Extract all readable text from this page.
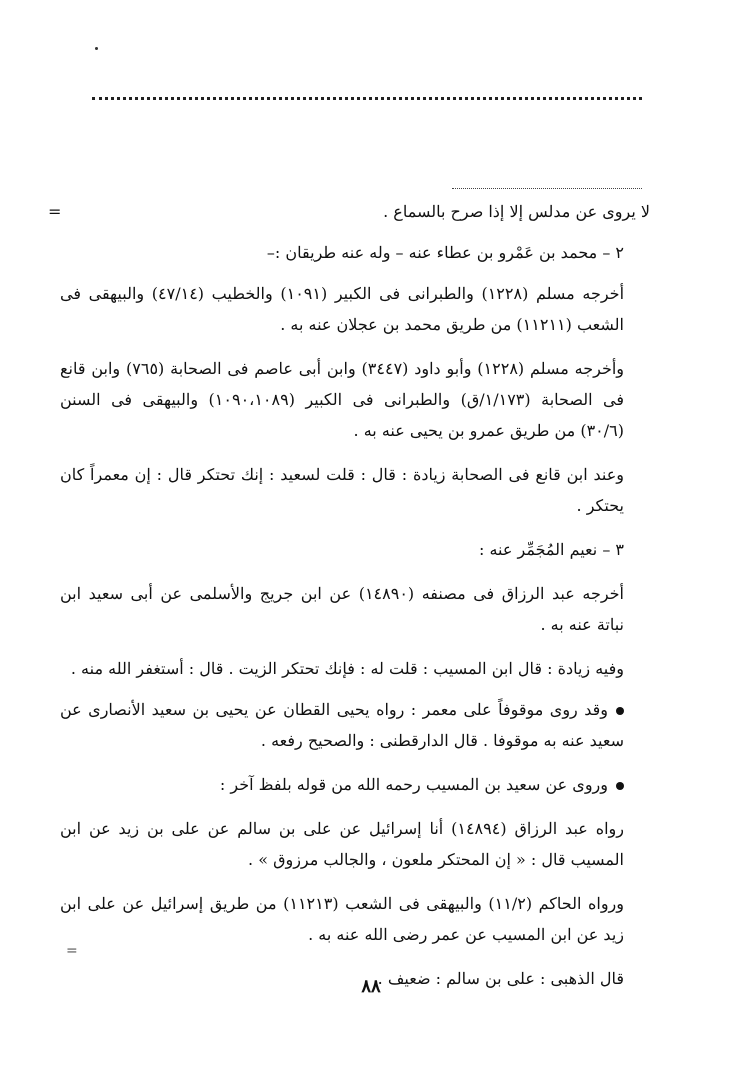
=	لا يروى عن مدلس إلا إذا صرح بالسماع .

٢ – محمد بن عَمْرو بن عطاء عنه – وله عنه طريقان :–

أخرجه مسلم (١٢٢٨) والطبرانى فى الكبير (١٠٩١) والخطيب (٤٧/١٤) والبيهقى فى الشعب (١١٢١١) من طريق محمد بن عجلان عنه به .

وأخرجه مسلم (١٢٢٨) وأبو داود (٣٤٤٧) وابن أبى عاصم فى الصحابة (٧٦٥) وابن قانع فى الصحابة (١/١٧٣/ق) والطبرانى فى الكبير (١٠٩٠،١٠٨٩) والبيهقى فى السنن (٣٠/٦) من طريق عمرو بن يحيى عنه به .

وعند ابن قانع فى الصحابة زيادة : قال : قلت لسعيد : إنك تحتكر قال : إن معمراً كان يحتكر .

٣ – نعيم المُجَمِّر عنه :

أخرجه عبد الرزاق فى مصنفه (١٤٨٩٠) عن ابن جريج والأسلمى عن أبى سعيد ابن نباتة عنه به .

وفيه زيادة : قال ابن المسيب : قلت له : فإنك تحتكر الزيت . قال : أستغفر الله منه .

وقد روى موقوفاً على معمر : رواه يحيى القطان عن يحيى بن سعيد الأنصارى عن سعيد عنه به موقوفا . قال الدارقطنى : والصحيح رفعه .

وروى عن سعيد بن المسيب رحمه الله من قوله بلفظ آخر :

رواه عبد الرزاق (١٤٨٩٤) أنا إسرائيل عن على بن سالم عن على بن زيد عن ابن المسيب قال : « إن المحتكر ملعون ، والجالب مرزوق » .

ورواه الحاكم (١١/٢) والبيهقى فى الشعب (١١٢١٣) من طريق إسرائيل عن على ابن زيد عن ابن المسيب عن عمر رضى الله عنه به .

قال الذهبى : على بن سالم : ضعيف .

=
٨٨
